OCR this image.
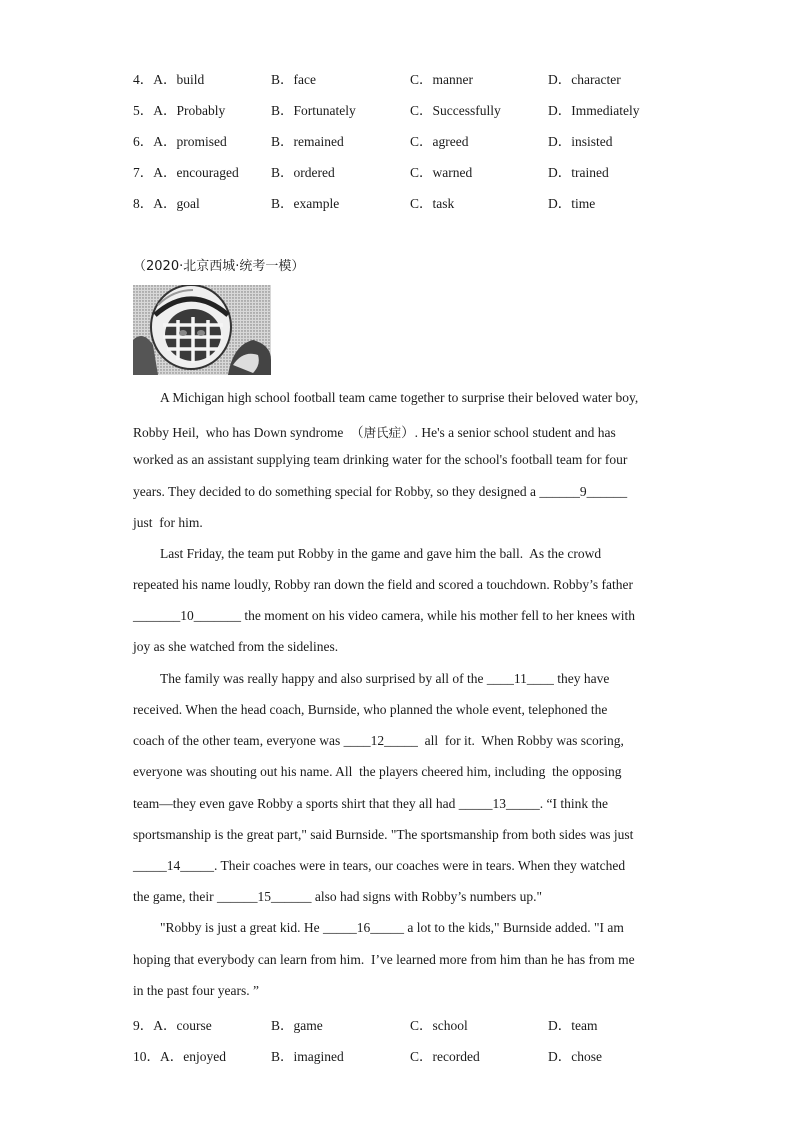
4．A．build	B．face	C．manner	D．character
5．A．Probably	B．Fortunately	C．Successfully	D．Immediately
6．A．promised	B．remained	C．agreed	D．insisted
7．A．encouraged B．ordered	C．warned	D．trained
8．A．goal	B．example	C．task	D．time
（2020·北京西城·统考一模）
A Michigan high school football team came together to surprise their beloved water boy,
Robby Heil,  who has Down syndrome  （唐氏症）. He's a senior school student and has
worked as an assistant supplying team drinking water for the school's football team for four
years. They decided to do something special for Robby, so they designed a ______9______
just  for him.
Last Friday, the team put Robby in the game and gave him the ball.  As the crowd
repeated his name loudly, Robby ran down the field and scored a touchdown. Robby’s father
_______10_______ the moment on his video camera, while his mother fell to her knees with
joy as she watched from the sidelines.
The family was really happy and also surprised by all of the ____11____ they have
received. When the head coach, Burnside, who planned the whole event, telephoned the
coach of the other team, everyone was ____12_____  all  for it.  When Robby was scoring,
everyone was shouting out his name. All  the players cheered him, including  the opposing
team—they even gave Robby a sports shirt that they all had _____13_____. “I think the
sportsmanship is the great part," said Burnside. "The sportsmanship from both sides was just
_____14_____. Their coaches were in tears, our coaches were in tears. When they watched
the game, their ______15______ also had signs with Robby’s numbers up."
"Robby is just a great kid. He _____16_____ a lot to the kids," Burnside added. "I am
hoping that everybody can learn from him.  I’ve learned more from him than he has from me
in the past four years. ”
9．A．course	B．game	C．school	D．team
10．A．enjoyed	B．imagined	C．recorded	D．chose
